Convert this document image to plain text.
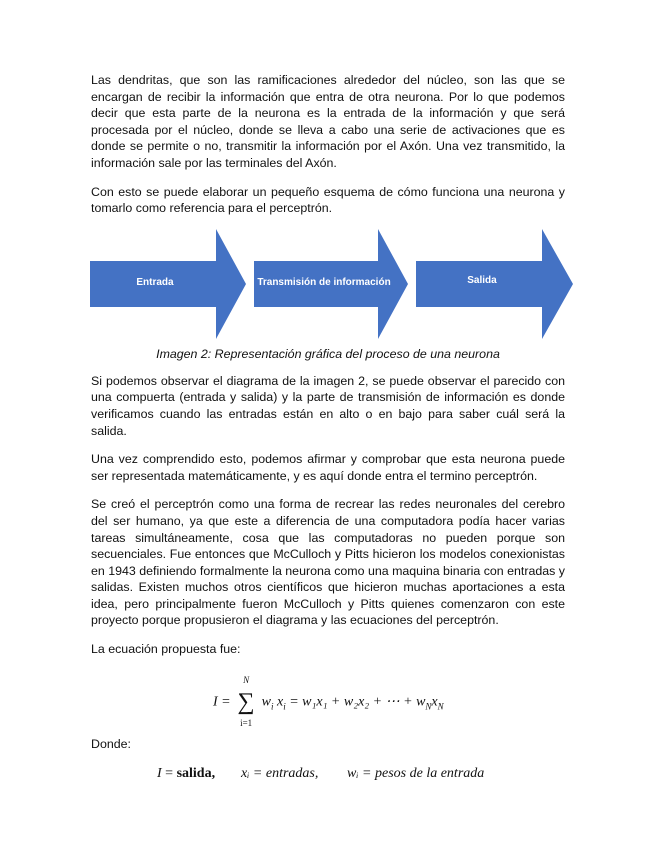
Las dendritas, que son las ramificaciones alrededor del núcleo, son las que se encargan de recibir la información que entra de otra neurona. Por lo que podemos decir que esta parte de la neurona es la entrada de la información y que será procesada por el núcleo, donde se lleva a cabo una serie de activaciones que es donde se permite o no, transmitir la información por el Axón. Una vez transmitido, la información sale por las terminales del Axón.

Con esto se puede elaborar un pequeño esquema de cómo funciona una neurona y tomarlo como referencia para el perceptrón.

Entrada	Transmisión de información	Salida

Imagen 2: Representación gráfica del proceso de una neurona

Si podemos observar el diagrama de la imagen 2, se puede observar el parecido con una compuerta (entrada y salida) y la parte de transmisión de información es donde verificamos cuando las entradas están en alto o en bajo para saber cuál será la salida.

Una vez comprendido esto, podemos afirmar y comprobar que esta neurona puede ser representada matemáticamente, y es aquí donde entra el termino perceptrón.

Se creó el perceptrón como una forma de recrear las redes neuronales del cerebro del ser humano, ya que este a diferencia de una computadora podía hacer varias tareas simultáneamente, cosa que las computadoras no pueden porque son secuenciales. Fue entonces que McCulloch y Pitts hicieron los modelos conexionistas en 1943 definiendo formalmente la neurona como una maquina binaria con entradas y salidas. Existen muchos otros científicos que hicieron muchas aportaciones a esta idea, pero principalmente fueron McCulloch y Pitts quienes comenzaron con este proyecto porque propusieron el diagrama y las ecuaciones del perceptrón.

La ecuación propuesta fue:

I = ∑
N
i=1
$w_i$ $x_i = w_1x_1 + w_2x_2$ + ⋯ + $w_Nx_N$

Donde:

I = salida, xᵢ = entradas, wᵢ = pesos de la entrada
